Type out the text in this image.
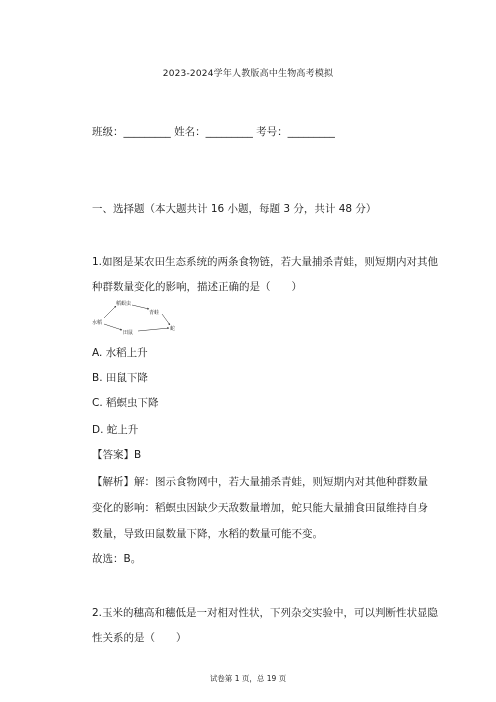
2023-2024学年人教版高中生物高考模拟
班级：_________ 姓名：_________ 考号：_________
一、选择题（本大题共计 16 小题，每题 3 分，共计 48 分）
1.如图是某农田生态系统的两条食物链，若大量捕杀青蛙，则短期内对其他
种群数量变化的影响，描述正确的是（　　）
稻螟虫
青蛙
水稻
田鼠
蛇
A. 水稻上升
B. 田鼠下降
C. 稻螟虫下降
D. 蛇上升
【答案】B
【解析】解：图示食物网中，若大量捕杀青蛙，则短期内对其他种群数量
变化的影响：稻螟虫因缺少天敌数量增加，蛇只能大量捕食田鼠维持自身
数量，导致田鼠数量下降，水稻的数量可能不变。
故选：B。
2.玉米的穗高和穗低是一对相对性状，下列杂交实验中，可以判断性状显隐
性关系的是（　　）
试卷第 1 页，总 19 页
